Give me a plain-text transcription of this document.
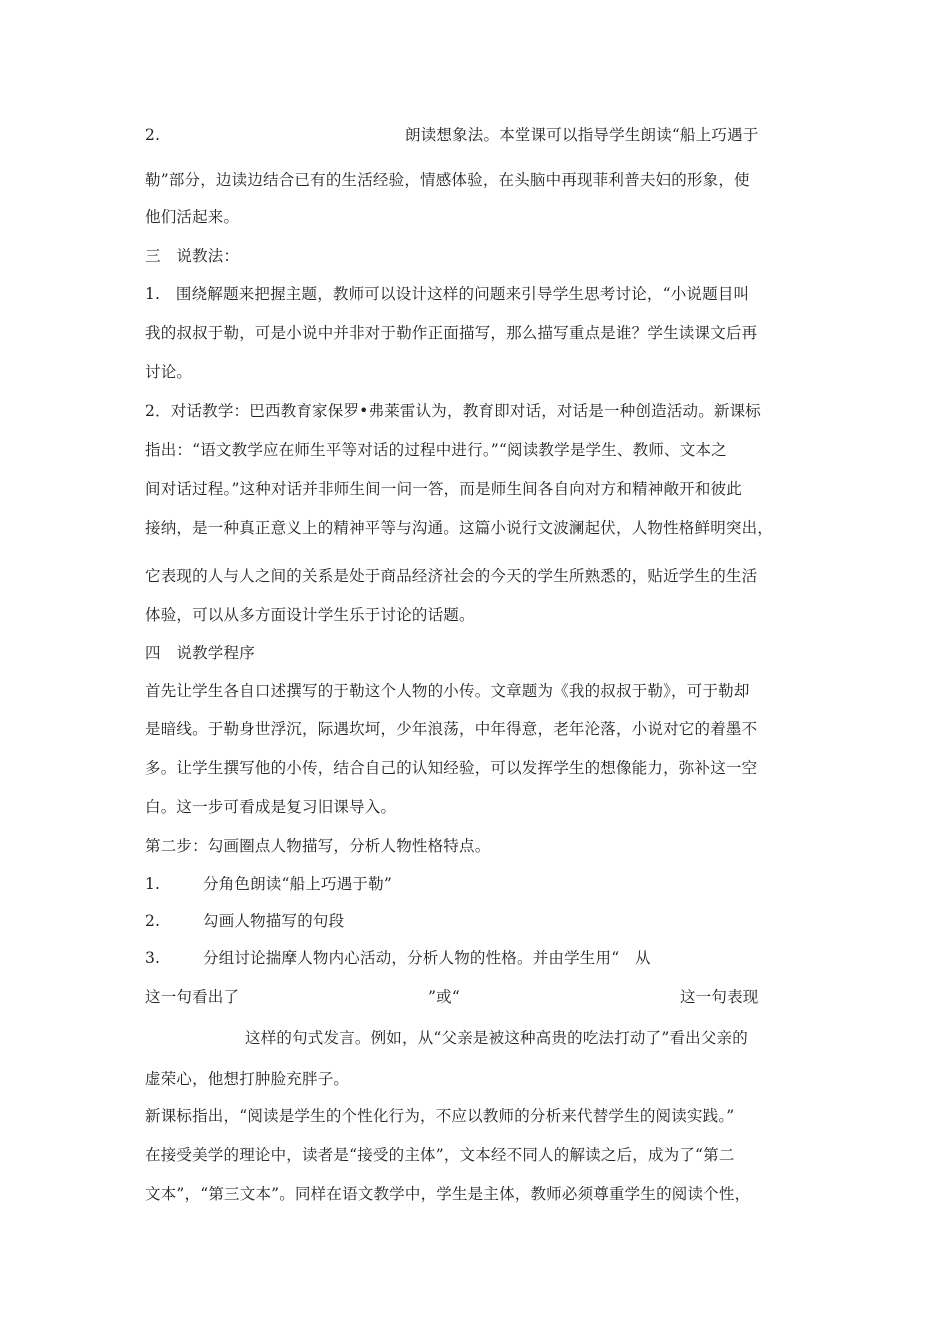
2.	朗读想象法。本堂课可以指导学生朗读“船上巧遇于
勒”部分，边读边结合已有的生活经验，情感体验，在头脑中再现菲利普夫妇的形象，使
他们活起来。
三　说教法：
1.　围绕解题来把握主题，教师可以设计这样的问题来引导学生思考讨论，“小说题目叫
我的叔叔于勒，可是小说中并非对于勒作正面描写，那么描写重点是谁？学生读课文后再
讨论。
2．对话教学：巴西教育家保罗•弗莱雷认为，教育即对话，对话是一种创造活动。新课标
指出：“语文教学应在师生平等对话的过程中进行。”“阅读教学是学生、教师、文本之
间对话过程。”这种对话并非师生间一问一答，而是师生间各自向对方和精神敞开和彼此
接纳，是一种真正意义上的精神平等与沟通。这篇小说行文波澜起伏，人物性格鲜明突出，
它表现的人与人之间的关系是处于商品经济社会的今天的学生所熟悉的，贴近学生的生活
体验，可以从多方面设计学生乐于讨论的话题。
四　说教学程序
首先让学生各自口述撰写的于勒这个人物的小传。文章题为《我的叔叔于勒》，可于勒却
是暗线。于勒身世浮沉，际遇坎坷，少年浪荡，中年得意，老年沦落，小说对它的着墨不
多。让学生撰写他的小传，结合自己的认知经验，可以发挥学生的想像能力，弥补这一空
白。这一步可看成是复习旧课导入。
第二步：勾画圈点人物描写，分析人物性格特点。
1.	分角色朗读“船上巧遇于勒”
2.	勾画人物描写的句段
3.	分组讨论揣摩人物内心活动，分析人物的性格。并由学生用“　从
这一句看出了	”或“	这一句表现
这样的句式发言。例如，从“父亲是被这种高贵的吃法打动了”看出父亲的
虚荣心，他想打肿脸充胖子。
新课标指出，“阅读是学生的个性化行为，不应以教师的分析来代替学生的阅读实践。”
在接受美学的理论中，读者是“接受的主体”，文本经不同人的解读之后，成为了“第二
文本”，“第三文本”。同样在语文教学中，学生是主体，教师必须尊重学生的阅读个性，
